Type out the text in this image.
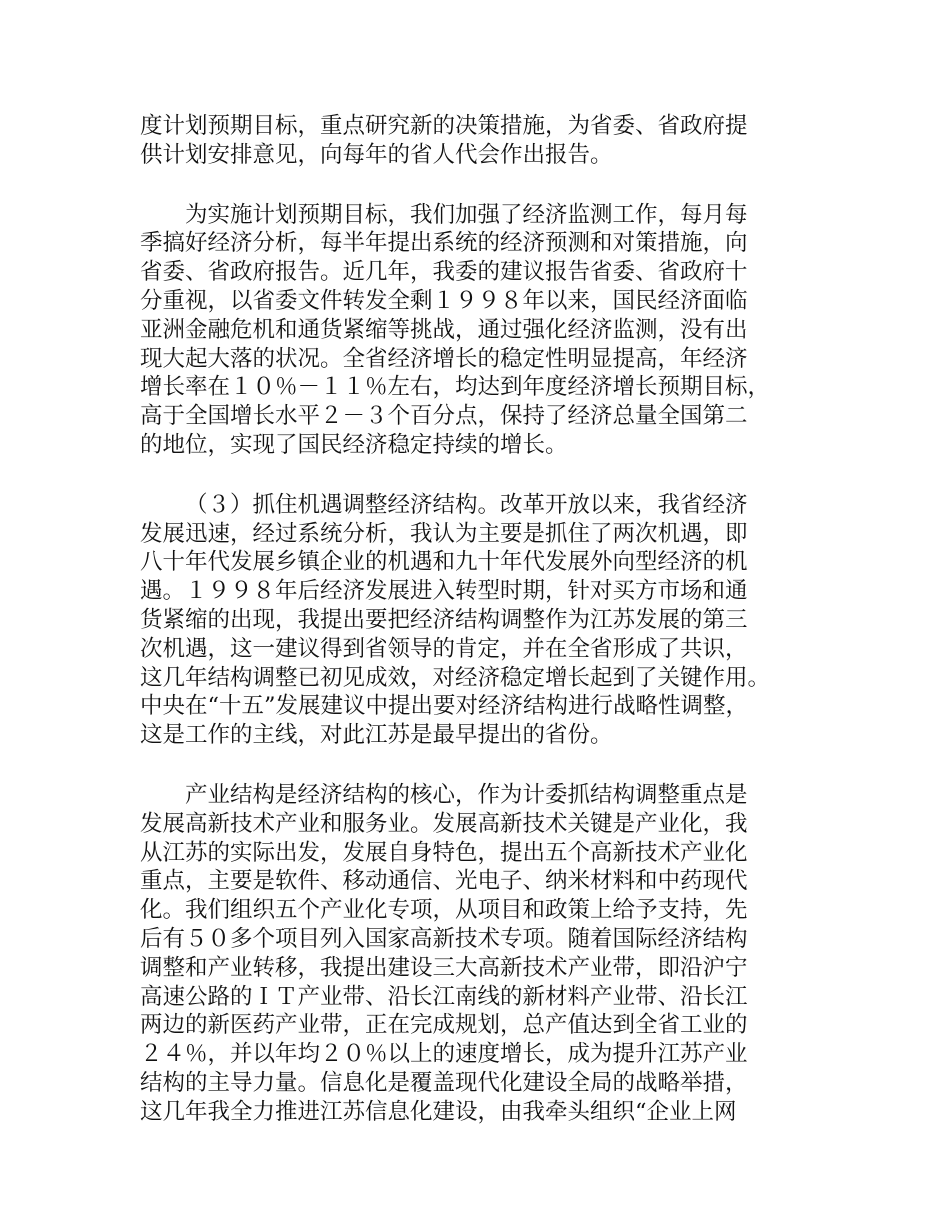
度计划预期目标，重点研究新的决策措施，为省委、省政府提
供计划安排意见，向每年的省人代会作出报告。
为实施计划预期目标，我们加强了经济监测工作，每月每
季搞好经济分析，每半年提出系统的经济预测和对策措施，向
省委、省政府报告。近几年，我委的建议报告省委、省政府十
分重视，以省委文件转发全剩１９９８年以来，国民经济面临
亚洲金融危机和通货紧缩等挑战，通过强化经济监测，没有出
现大起大落的状况。全省经济增长的稳定性明显提高，年经济
增长率在１０％－１１％左右，均达到年度经济增长预期目标，
高于全国增长水平２－３个百分点，保持了经济总量全国第二
的地位，实现了国民经济稳定持续的增长。
（３）抓住机遇调整经济结构。改革开放以来，我省经济
发展迅速，经过系统分析，我认为主要是抓住了两次机遇，即
八十年代发展乡镇企业的机遇和九十年代发展外向型经济的机
遇。１９９８年后经济发展进入转型时期，针对买方市场和通
货紧缩的出现，我提出要把经济结构调整作为江苏发展的第三
次机遇，这一建议得到省领导的肯定，并在全省形成了共识，
这几年结构调整已初见成效，对经济稳定增长起到了关键作用。
中央在“十五”发展建议中提出要对经济结构进行战略性调整，
这是工作的主线，对此江苏是最早提出的省份。
产业结构是经济结构的核心，作为计委抓结构调整重点是
发展高新技术产业和服务业。发展高新技术关键是产业化，我
从江苏的实际出发，发展自身特色，提出五个高新技术产业化
重点，主要是软件、移动通信、光电子、纳米材料和中药现代
化。我们组织五个产业化专项，从项目和政策上给予支持，先
后有５０多个项目列入国家高新技术专项。随着国际经济结构
调整和产业转移，我提出建设三大高新技术产业带，即沿沪宁
高速公路的ＩＴ产业带、沿长江南线的新材料产业带、沿长江
两边的新医药产业带，正在完成规划，总产值达到全省工业的
２４％，并以年均２０％以上的速度增长，成为提升江苏产业
结构的主导力量。信息化是覆盖现代化建设全局的战略举措，
这几年我全力推进江苏信息化建设，由我牵头组织“企业上网
